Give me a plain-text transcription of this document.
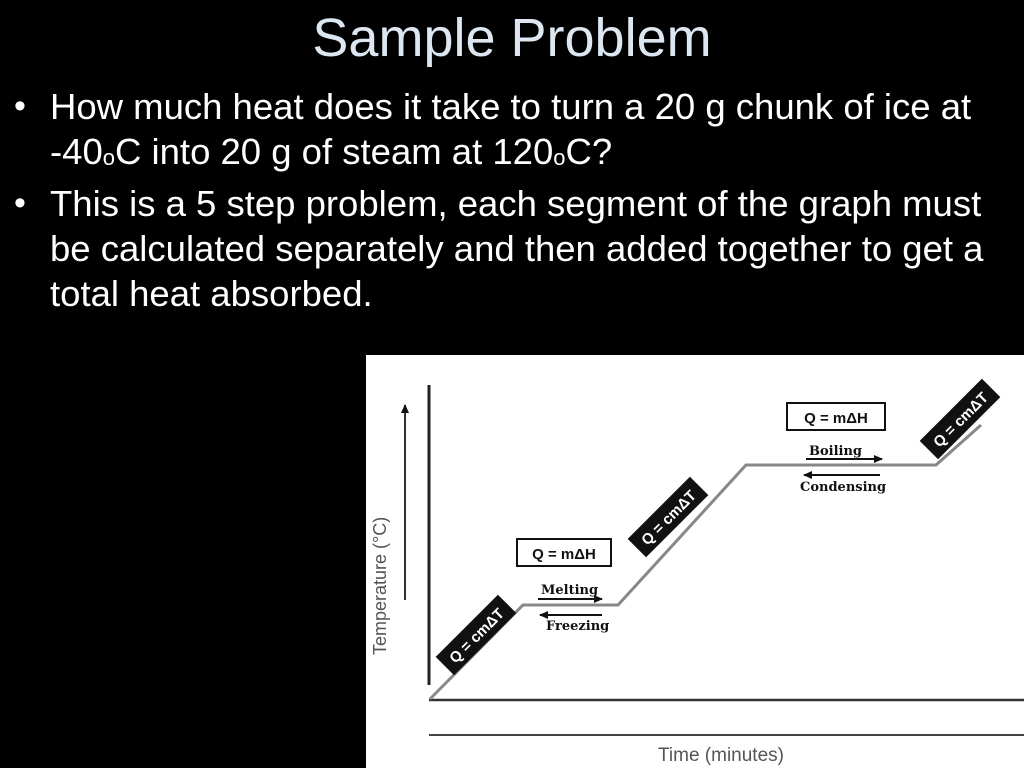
Sample Problem
• How much heat does it take to turn a 20 g chunk of ice at -40$^o$C into 20 g of steam at 120$^o$C?
• This is a 5 step problem, each segment of the graph must be calculated separately and then added together to get a total heat absorbed.
Temperature (°C)
Time (minutes)
Q = cmΔT
Q = mΔH
Melting
Freezing
Q = cmΔT
Q = mΔH
Boiling
Condensing
Q = cmΔT
